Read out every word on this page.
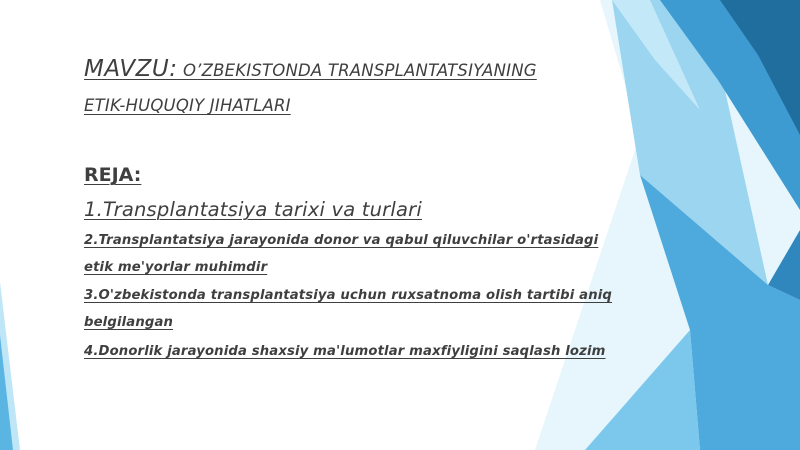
MAVZU: O’ZBEKISTONDA TRANSPLANTATSIYANING
ETIK-HUQUQIY JIHATLARI
REJA:
1.Transplantatsiya tarixi va turlari
2.Transplantatsiya jarayonida donor va qabul qiluvchilar o'rtasidagi
etik me'yorlar muhimdir
3.O'zbekistonda transplantatsiya uchun ruxsatnoma olish tartibi aniq
belgilangan
4.Donorlik jarayonida shaxsiy ma'lumotlar maxfiyligini saqlash lozim
